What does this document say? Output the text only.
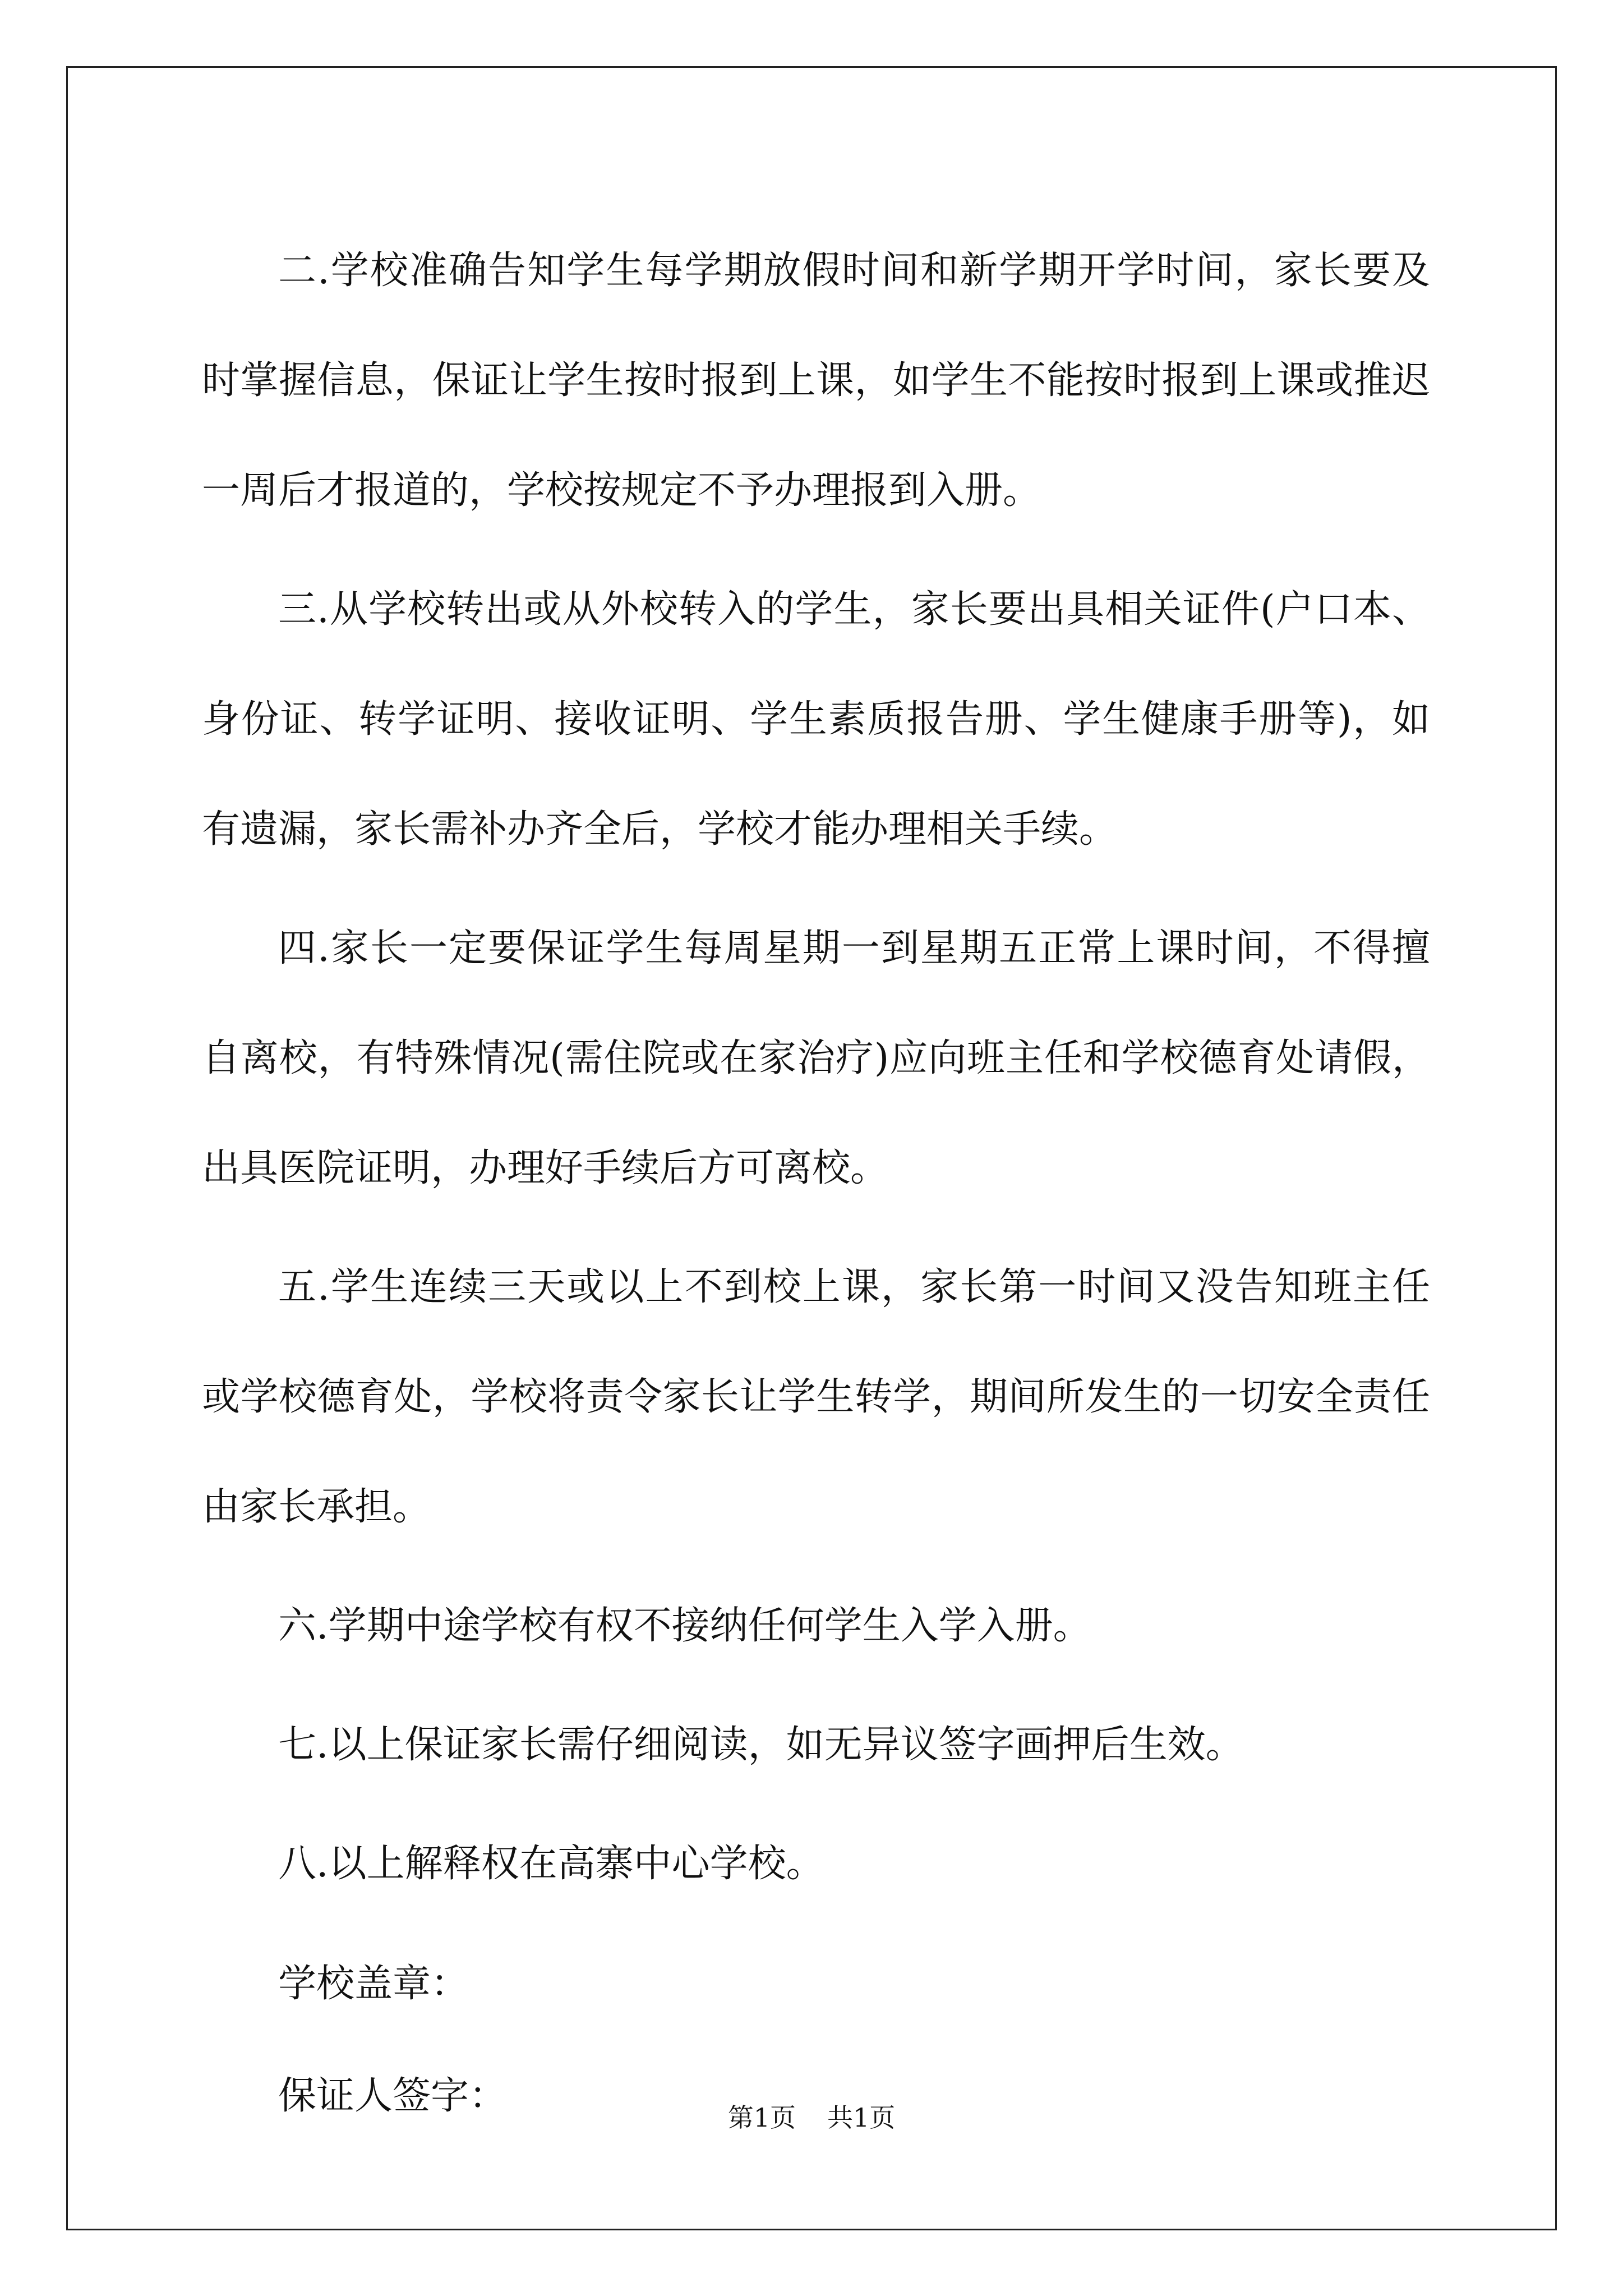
二.学校准确告知学生每学期放假时间和新学期开学时间，家长要及时掌握信息，保证让学生按时报到上课，如学生不能按时报到上课或推迟一周后才报道的，学校按规定不予办理报到入册。

三.从学校转出或从外校转入的学生，家长要出具相关证件(户口本、身份证、转学证明、接收证明、学生素质报告册、学生健康手册等)，如有遗漏，家长需补办齐全后，学校才能办理相关手续。

四.家长一定要保证学生每周星期一到星期五正常上课时间，不得擅自离校，有特殊情况(需住院或在家治疗)应向班主任和学校德育处请假，出具医院证明，办理好手续后方可离校。

五.学生连续三天或以上不到校上课，家长第一时间又没告知班主任或学校德育处，学校将责令家长让学生转学，期间所发生的一切安全责任由家长承担。

六.学期中途学校有权不接纳任何学生入学入册。

七.以上保证家长需仔细阅读，如无异议签字画押后生效。

八.以上解释权在高寨中心学校。

学校盖章：

保证人签字：	第1页 共1页
